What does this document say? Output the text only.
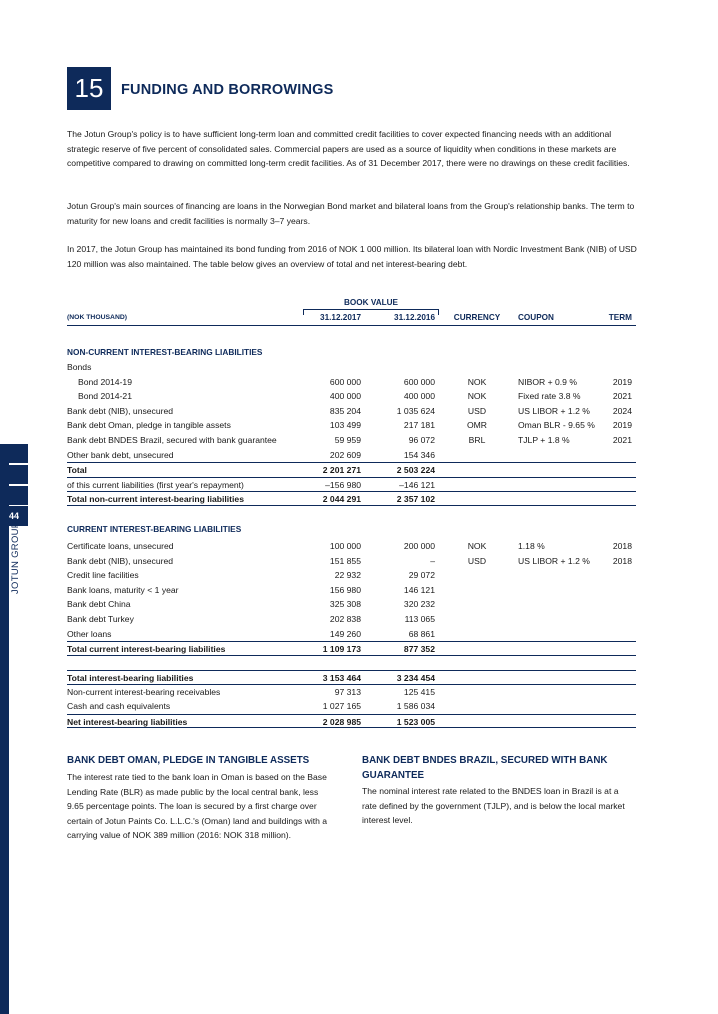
44
JOTUN GROUP
15	FUNDING AND BORROWINGS

The Jotun Group's policy is to have sufficient long-term loan and committed credit facilities to cover expected financing needs with an additional strategic reserve of five percent of consolidated sales. Commercial papers are used as a source of liquidity when conditions in these markets are competitive compared to drawing on committed long-term credit facilities. As of 31 December 2017, there were no drawings on these credit facilities.

Jotun Group's main sources of financing are loans in the Norwegian Bond market and bilateral loans from the Group's relationship banks. The term to maturity for new loans and credit facilities is normally 3–7 years.

In 2017, the Jotun Group has maintained its bond funding from 2016 of NOK 1 000 million. Its bilateral loan with Nordic Investment Bank (NIB) of USD 120 million was also maintained. The table below gives an overview of total and net interest-bearing debt.

BOOK VALUE
(NOK THOUSAND)	31.12.2017	31.12.2016	CURRENCY	COUPON	TERM
NON-CURRENT INTEREST-BEARING LIABILITIES
Bonds
Bond 2014-19	600 000	600 000	NOK	NIBOR + 0.9 %	2019
Bond 2014-21	400 000	400 000	NOK	Fixed rate 3.8 %	2021
Bank debt (NIB), unsecured	835 204	1 035 624	USD	US LIBOR + 1.2 %	2024
Bank debt Oman, pledge in tangible assets	103 499	217 181	OMR	Oman BLR - 9.65 % 2019
Bank debt BNDES Brazil, secured with bank guarantee	59 959	96 072	BRL	TJLP + 1.8 %	2021
Other bank debt, unsecured	202 609	154 346
Total	2 201 271	2 503 224
of this current liabilities (first year's repayment)	–156 980	–146 121
Total non-current interest-bearing liabilities	2 044 291	2 357 102
CURRENT INTEREST-BEARING LIABILITIES
Certificate loans, unsecured	100 000	200 000	NOK	1.18 %	2018
Bank debt (NIB), unsecured	151 855	–	USD	US LIBOR + 1.2 %	2018
Credit line facilities	22 932	29 072
Bank loans, maturity < 1 year	156 980	146 121
Bank debt China	325 308	320 232
Bank debt Turkey	202 838	113 065
Other loans	149 260	68 861
Total current interest-bearing liabilities	1 109 173	877 352
Total interest-bearing liabilities	3 153 464	3 234 454
Non-current interest-bearing receivables	97 313	125 415
Cash and cash equivalents	1 027 165	1 586 034
Net interest-bearing liabilities	2 028 985	1 523 005
BANK DEBT OMAN, PLEDGE IN TANGIBLE ASSETS

The interest rate tied to the bank loan in Oman is based on the Base Lending Rate (BLR) as made public by the local central bank, less 9.65 percentage points. The loan is secured by a first charge over certain of Jotun Paints Co. L.L.C.'s (Oman) land and buildings with a carrying value of NOK 389 million (2016: NOK 318 million).

BANK DEBT BNDES BRAZIL, SECURED WITH BANK GUARANTEE

The nominal interest rate related to the BNDES loan in Brazil is at a rate defined by the government (TJLP), and is below the local market interest level.
